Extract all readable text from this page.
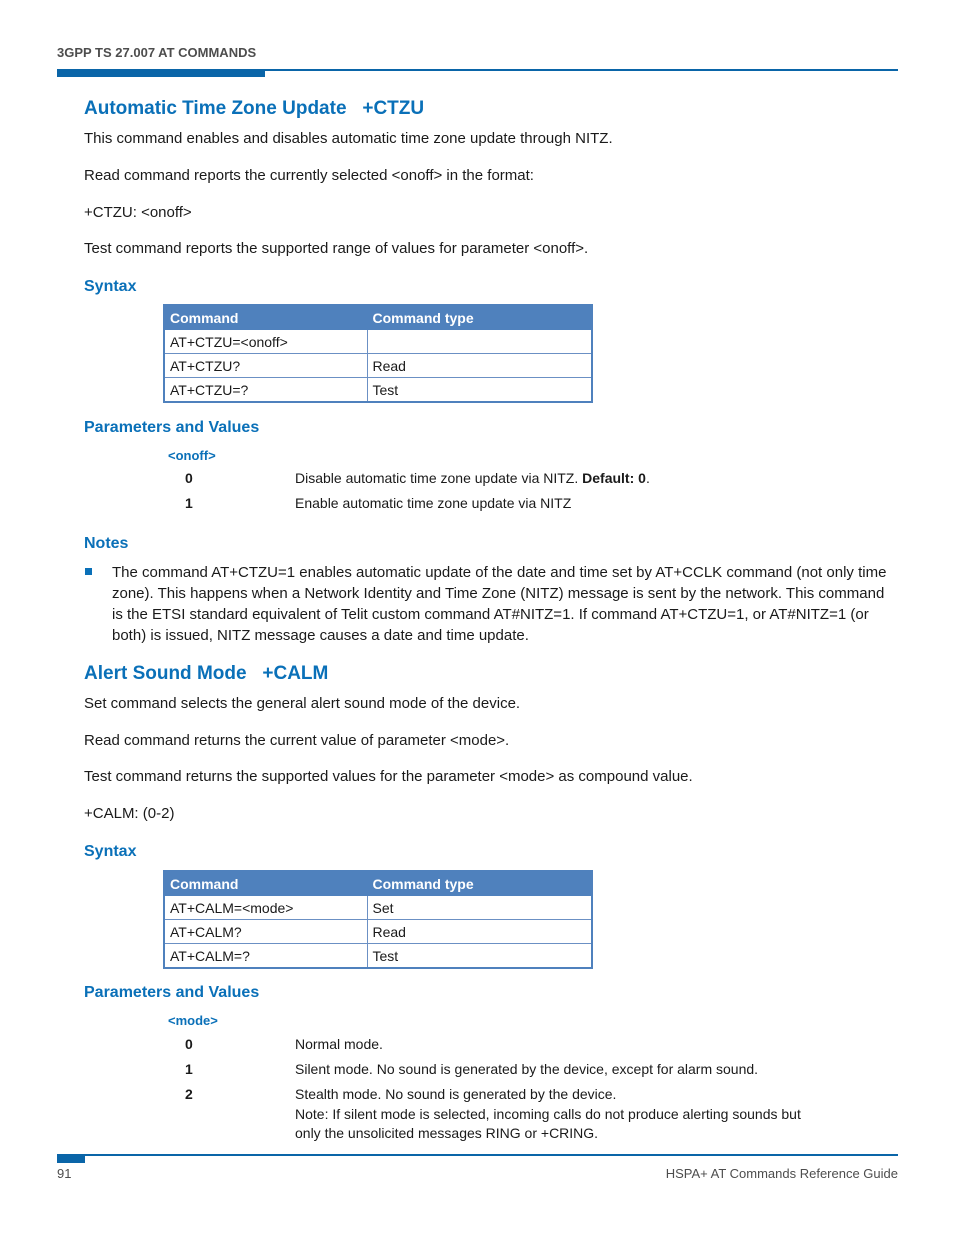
3GPP TS 27.007 AT COMMANDS
Automatic Time Zone Update   +CTZU
This command enables and disables automatic time zone update through NITZ.
Read command reports the currently selected <onoff> in the format:
+CTZU: <onoff>
Test command reports the supported range of values for parameter <onoff>.
Syntax
Command	Command type
AT+CTZU=<onoff>	
AT+CTZU?	Read
AT+CTZU=?	Test
Parameters and Values
<onoff>
0	Disable automatic time zone update via NITZ. Default: 0.
1	Enable automatic time zone update via NITZ
Notes
The command AT+CTZU=1 enables automatic update of the date and time set by AT+CCLK command (not only time zone). This happens when a Network Identity and Time Zone (NITZ) message is sent by the network. This command is the ETSI standard equivalent of Telit custom command AT#NITZ=1. If command AT+CTZU=1, or AT#NITZ=1 (or both) is issued, NITZ message causes a date and time update.
Alert Sound Mode   +CALM
Set command selects the general alert sound mode of the device.
Read command returns the current value of parameter <mode>.
Test command returns the supported values for the parameter <mode> as compound value.
+CALM: (0-2)
Syntax
Command	Command type
AT+CALM=<mode>	Set
AT+CALM?	Read
AT+CALM=?	Test
Parameters and Values
<mode>
0	Normal mode.
1	Silent mode. No sound is generated by the device, except for alarm sound.
2	Stealth mode. No sound is generated by the device.
Note: If silent mode is selected, incoming calls do not produce alerting sounds but only the unsolicited messages RING or +CRING.
91	HSPA+ AT Commands Reference Guide
